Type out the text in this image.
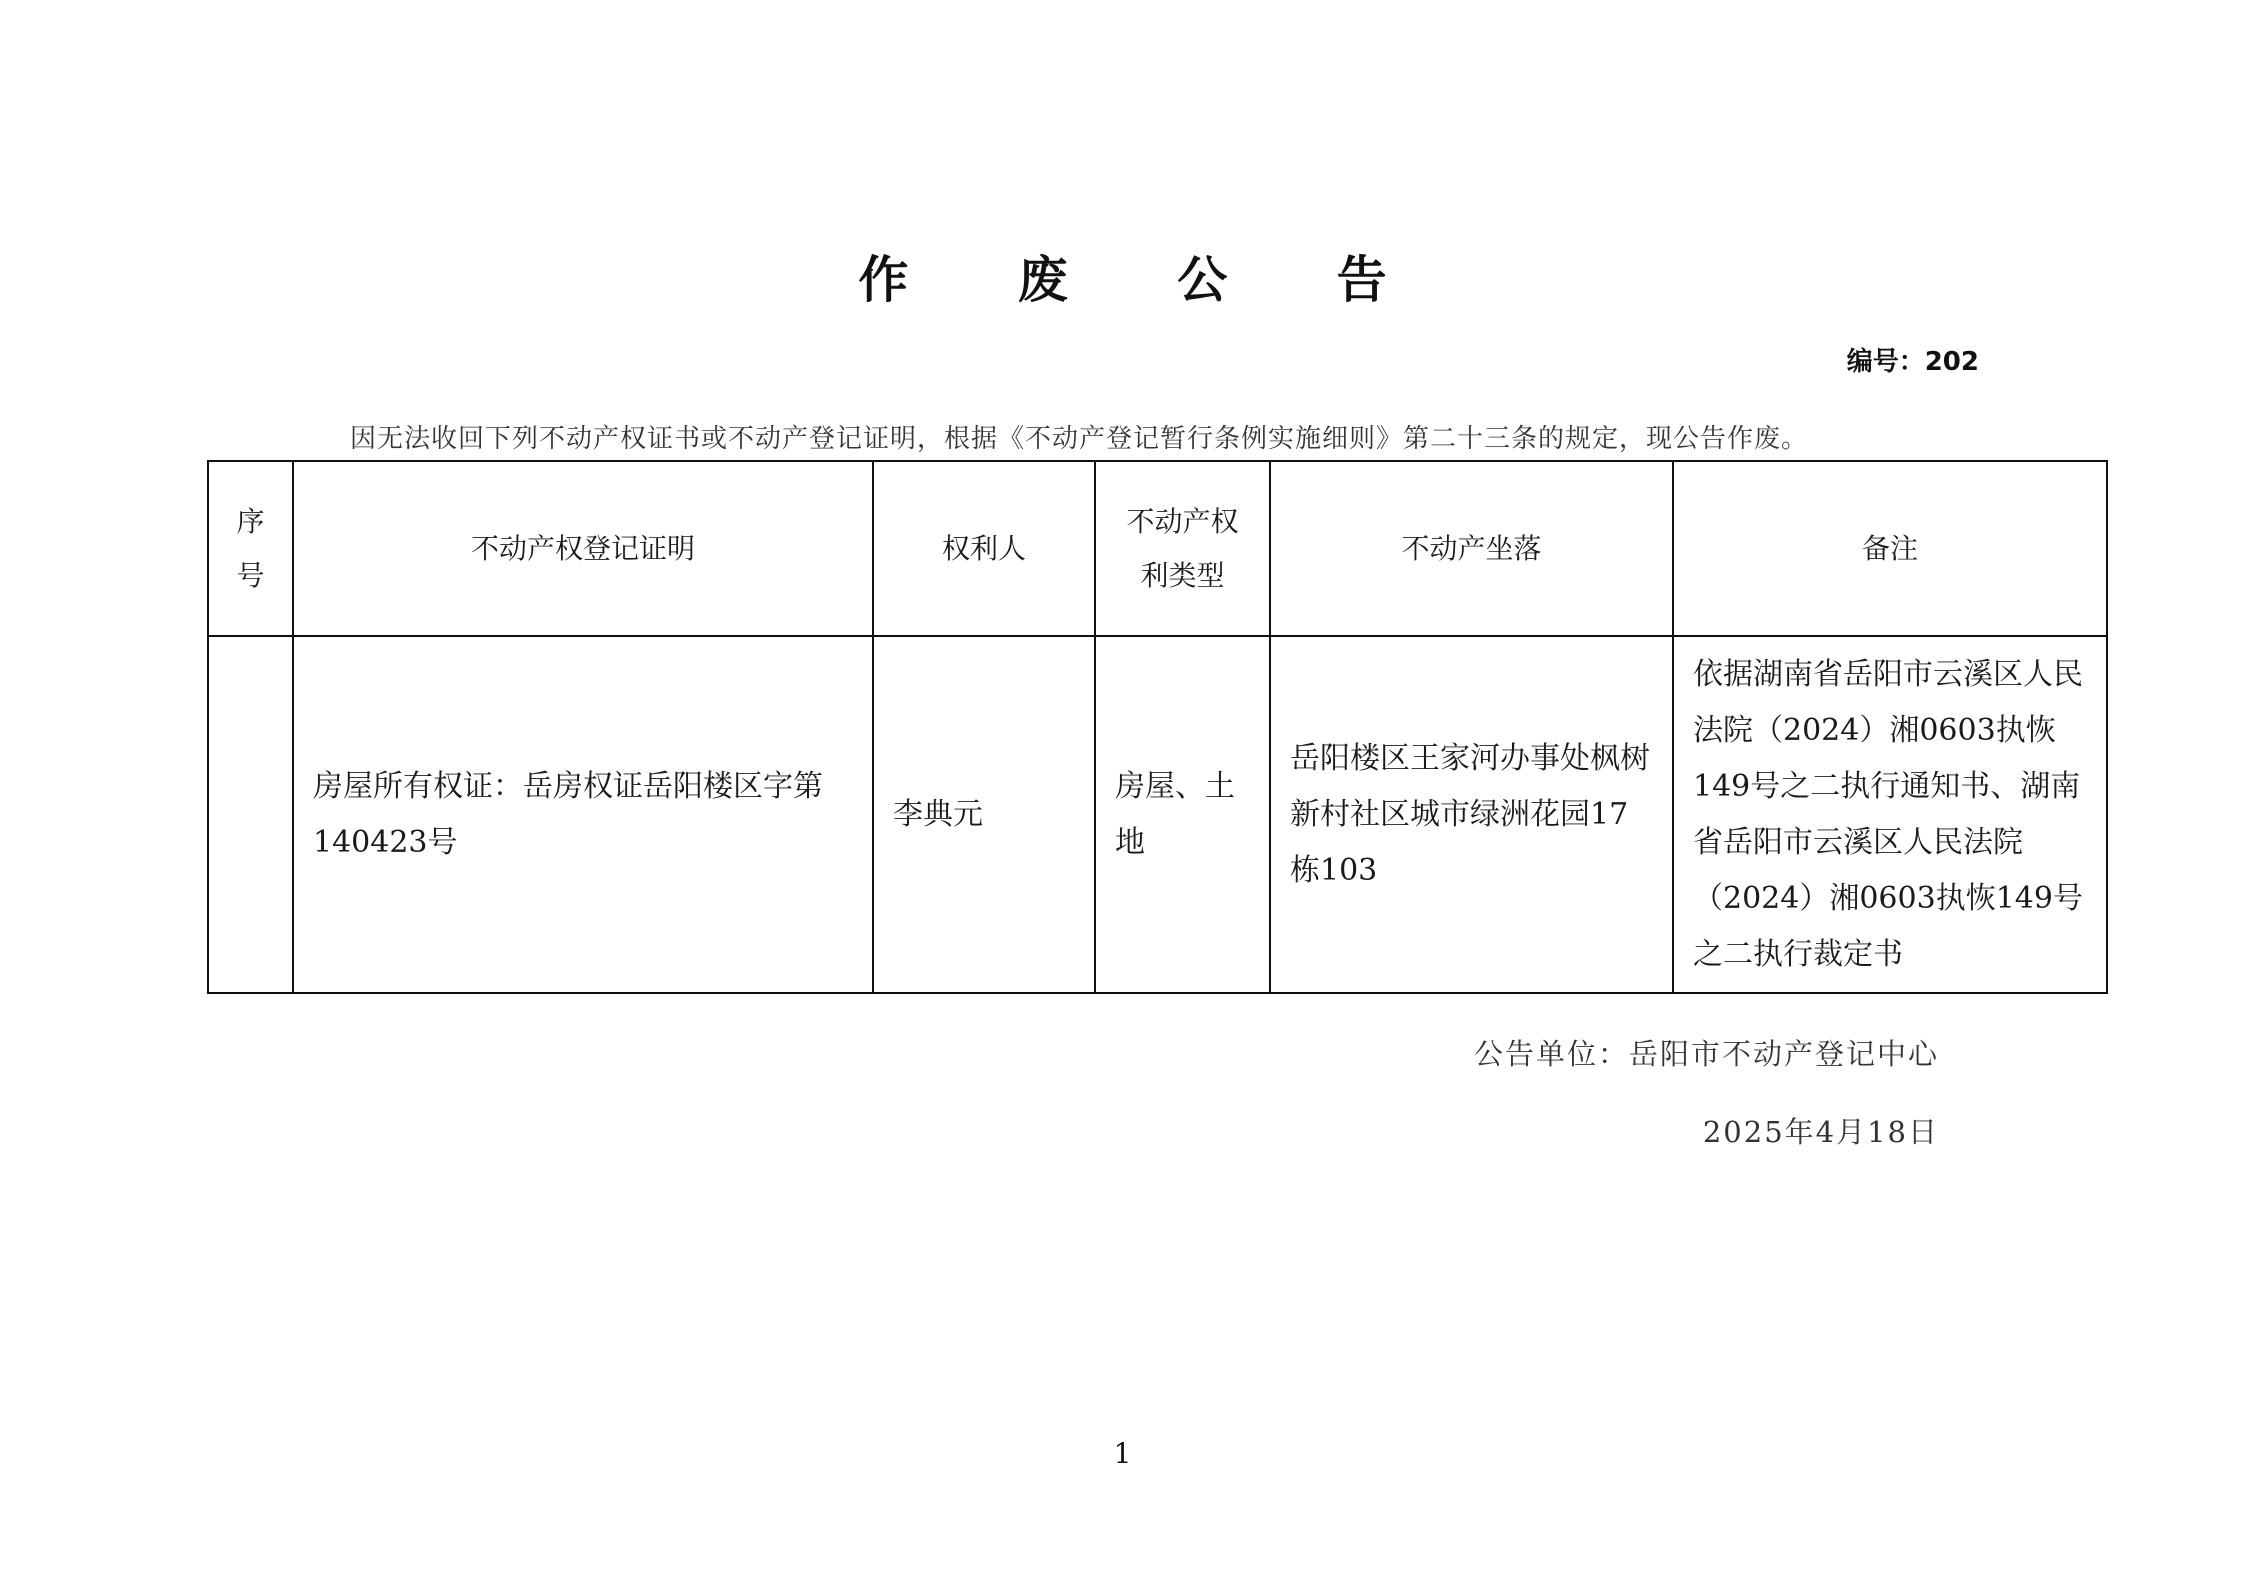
作 废 公 告
编号：202
因无法收回下列不动产权证书或不动产登记证明，根据《不动产登记暂行条例实施细则》第二十三条的规定，现公告作废。
序号	不动产权登记证明	权利人	不动产权利类型	不动产坐落	备注
	房屋所有权证：岳房权证岳阳楼区字第140423号	李典元	房屋、土地	岳阳楼区王家河办事处枫树新村社区城市绿洲花园17栋103	依据湖南省岳阳市云溪区人民法院（2024）湘0603执恢149号之二执行通知书、湖南省岳阳市云溪区人民法院（2024）湘0603执恢149号之二执行裁定书
公告单位：岳阳市不动产登记中心
2025年4月18日
1
